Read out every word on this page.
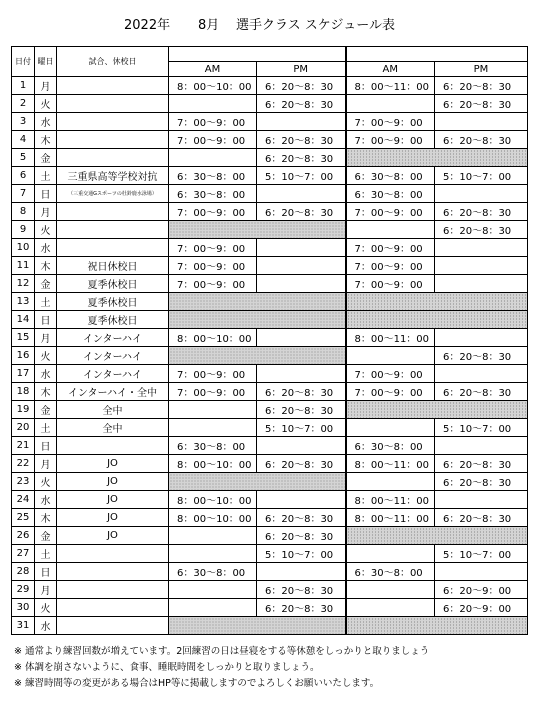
2022年 8月 選手クラス スケジュール表
日付	曜日	試合、休校日				
			AM	PM	AM	PM
1	月		8：00～10：00	6：20～8：30	8：00～11：00	6：20～8：30
2	火			6：20～8：30		6：20～8：30
3	水		7：00～9：00		7：00～9：00	
4	木		7：00～9：00	6：20～8：30	7：00～9：00	6：20～8：30
5	金			6：20～8：30		
6	土	三重県高等学校対抗	6：30～8：00	5：10～7：00	6：30～8：00	5：10～7：00
7	日	（三重交通Gスポーツの杜鈴鹿水泳場）	6：30～8：00		6：30～8：00	
8	月		7：00～9：00	6：20～8：30	7：00～9：00	6：20～8：30
9	火					6：20～8：30
10	水		7：00～9：00		7：00～9：00	
11	木	祝日休校日	7：00～9：00		7：00～9：00	
12	金	夏季休校日	7：00～9：00		7：00～9：00	
13	土	夏季休校日				
14	日	夏季休校日				
15	月	インターハイ	8：00～10：00		8：00～11：00	
16	火	インターハイ				6：20～8：30
17	水	インターハイ	7：00～9：00		7：00～9：00	
18	木	インターハイ・全中	7：00～9：00	6：20～8：30	7：00～9：00	6：20～8：30
19	金	全中		6：20～8：30		
20	土	全中		5：10～7：00		5：10～7：00
21	日		6：30～8：00		6：30～8：00	
22	月	JO	8：00～10：00	6：20～8：30	8：00～11：00	6：20～8：30
23	火	JO				6：20～8：30
24	水	JO	8：00～10：00		8：00～11：00	
25	木	JO	8：00～10：00	6：20～8：30	8：00～11：00	6：20～8：30
26	金	JO		6：20～8：30		
27	土			5：10～7：00		5：10～7：00
28	日		6：30～8：00		6：30～8：00	
29	月			6：20～8：30		6：20～9：00
30	火			6：20～8：30		6：20～9：00
31	水					
※ 通常より練習回数が増えています。2回練習の日は昼寝をする等休憩をしっかりと取りましょう
※ 体調を崩さないように、食事、睡眠時間をしっかりと取りましょう。
※ 練習時間等の変更がある場合はHP等に掲載しますのでよろしくお願いいたします。
